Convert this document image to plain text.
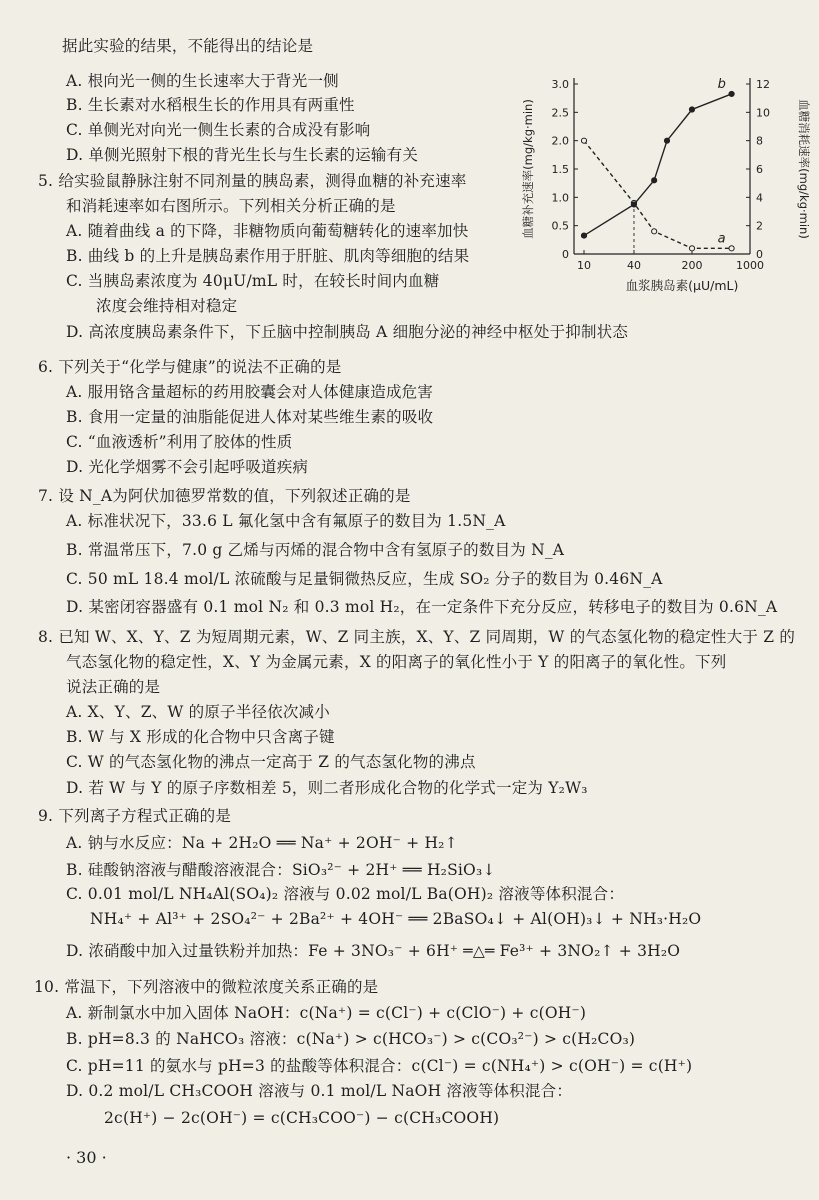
据此实验的结果，不能得出的结论是
A. 根向光一侧的生长速率大于背光一侧
B. 生长素对水稻根生长的作用具有两重性
C. 单侧光对向光一侧生长素的合成没有影响
D. 单侧光照射下根的背光生长与生长素的运输有关
5. 给实验鼠静脉注射不同剂量的胰岛素，测得血糖的补充速率
和消耗速率如右图所示。下列相关分析正确的是
A. 随着曲线 a 的下降，非糖物质向葡萄糖转化的速率加快
B. 曲线 b 的上升是胰岛素作用于肝脏、肌肉等细胞的结果
C. 当胰岛素浓度为 40μU/mL 时，在较长时间内血糖
浓度会维持相对稳定
D. 高浓度胰岛素条件下，下丘脑中控制胰岛 A 细胞分泌的神经中枢处于抑制状态
6. 下列关于“化学与健康”的说法不正确的是
A. 服用铬含量超标的药用胶囊会对人体健康造成危害
B. 食用一定量的油脂能促进人体对某些维生素的吸收
C. “血液透析”利用了胶体的性质
D. 光化学烟雾不会引起呼吸道疾病
7. 设 N_A为阿伏加德罗常数的值，下列叙述正确的是
A. 标准状况下，33.6 L 氟化氢中含有氟原子的数目为 1.5N_A
B. 常温常压下，7.0 g 乙烯与丙烯的混合物中含有氢原子的数目为 N_A
C. 50 mL 18.4 mol/L 浓硫酸与足量铜微热反应，生成 SO₂ 分子的数目为 0.46N_A
D. 某密闭容器盛有 0.1 mol N₂ 和 0.3 mol H₂，在一定条件下充分反应，转移电子的数目为 0.6N_A
8. 已知 W、X、Y、Z 为短周期元素，W、Z 同主族，X、Y、Z 同周期，W 的气态氢化物的稳定性大于 Z 的
气态氢化物的稳定性，X、Y 为金属元素，X 的阳离子的氧化性小于 Y 的阳离子的氧化性。下列
说法正确的是
A. X、Y、Z、W 的原子半径依次减小
B. W 与 X 形成的化合物中只含离子键
C. W 的气态氢化物的沸点一定高于 Z 的气态氢化物的沸点
D. 若 W 与 Y 的原子序数相差 5，则二者形成化合物的化学式一定为 Y₂W₃
9. 下列离子方程式正确的是
A. 钠与水反应：Na + 2H₂O ══ Na⁺ + 2OH⁻ + H₂↑
B. 硅酸钠溶液与醋酸溶液混合：SiO₃²⁻ + 2H⁺ ══ H₂SiO₃↓
C. 0.01 mol/L NH₄Al(SO₄)₂ 溶液与 0.02 mol/L Ba(OH)₂ 溶液等体积混合：
NH₄⁺ + Al³⁺ + 2SO₄²⁻ + 2Ba²⁺ + 4OH⁻ ══ 2BaSO₄↓ + Al(OH)₃↓ + NH₃·H₂O
D. 浓硝酸中加入过量铁粉并加热：Fe + 3NO₃⁻ + 6H⁺ ═△═ Fe³⁺ + 3NO₂↑ + 3H₂O
10. 常温下，下列溶液中的微粒浓度关系正确的是
A. 新制氯水中加入固体 NaOH：c(Na⁺) = c(Cl⁻) + c(ClO⁻) + c(OH⁻)
B. pH=8.3 的 NaHCO₃ 溶液：c(Na⁺) > c(HCO₃⁻) > c(CO₃²⁻) > c(H₂CO₃)
C. pH=11 的氨水与 pH=3 的盐酸等体积混合：c(Cl⁻) = c(NH₄⁺) > c(OH⁻) = c(H⁺)
D. 0.2 mol/L CH₃COOH 溶液与 0.1 mol/L NaOH 溶液等体积混合：
2c(H⁺) − 2c(OH⁻) = c(CH₃COO⁻) − c(CH₃COOH)
0
0.5
1.0
1.5
2.0
2.5
3.0
0
2
4
6
8
10
12
10	40	200	1000
a
b
血糖补充速率(mg/kg·min)	血糖消耗速率(mg/kg·min)
血浆胰岛素(μU/mL)
· 30 ·
